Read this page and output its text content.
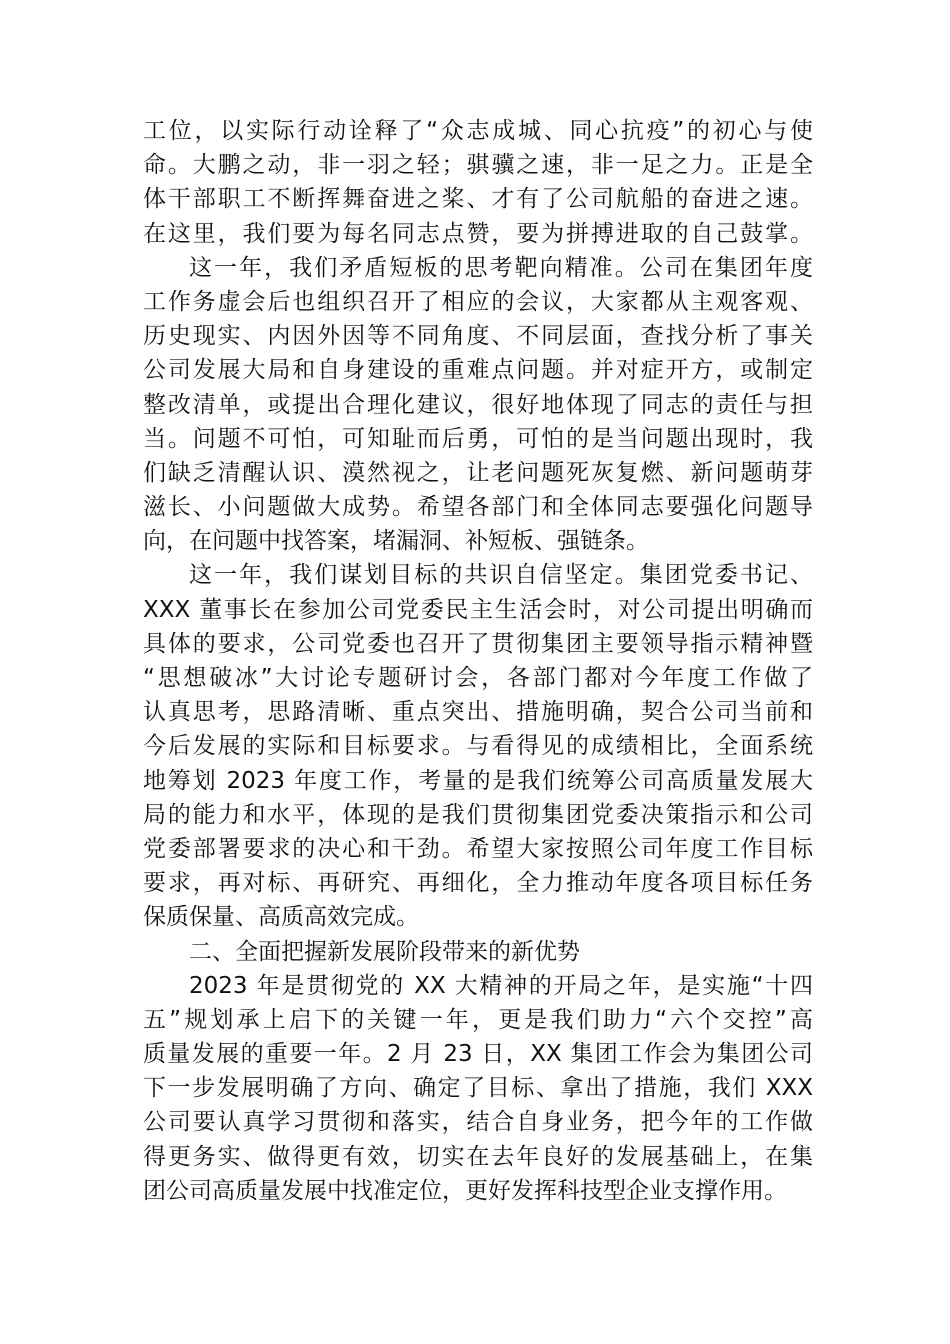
工位，以实际行动诠释了“众志成城、同心抗疫”的初心与使
命。大鹏之动，非一羽之轻；骐骥之速，非一足之力。正是全
体干部职工不断挥舞奋进之桨、才有了公司航船的奋进之速。
在这里，我们要为每名同志点赞，要为拼搏进取的自己鼓掌。
这一年，我们矛盾短板的思考靶向精准。公司在集团年度
工作务虚会后也组织召开了相应的会议，大家都从主观客观、
历史现实、内因外因等不同角度、不同层面，查找分析了事关
公司发展大局和自身建设的重难点问题。并对症开方，或制定
整改清单，或提出合理化建议，很好地体现了同志的责任与担
当。问题不可怕，可知耻而后勇，可怕的是当问题出现时，我
们缺乏清醒认识、漠然视之，让老问题死灰复燃、新问题萌芽
滋长、小问题做大成势。希望各部门和全体同志要强化问题导
向，在问题中找答案，堵漏洞、补短板、强链条。
这一年，我们谋划目标的共识自信坚定。集团党委书记、
XXX 董事长在参加公司党委民主生活会时，对公司提出明确而
具体的要求，公司党委也召开了贯彻集团主要领导指示精神暨
“思想破冰”大讨论专题研讨会，各部门都对今年度工作做了
认真思考，思路清晰、重点突出、措施明确，契合公司当前和
今后发展的实际和目标要求。与看得见的成绩相比，全面系统
地筹划 2023 年度工作，考量的是我们统筹公司高质量发展大
局的能力和水平，体现的是我们贯彻集团党委决策指示和公司
党委部署要求的决心和干劲。希望大家按照公司年度工作目标
要求，再对标、再研究、再细化，全力推动年度各项目标任务
保质保量、高质高效完成。
二、全面把握新发展阶段带来的新优势
2023 年是贯彻党的 XX 大精神的开局之年，是实施“十四
五”规划承上启下的关键一年，更是我们助力“六个交控”高
质量发展的重要一年。2 月 23 日，XX 集团工作会为集团公司
下一步发展明确了方向、确定了目标、拿出了措施，我们 XXX
公司要认真学习贯彻和落实，结合自身业务，把今年的工作做
得更务实、做得更有效，切实在去年良好的发展基础上，在集
团公司高质量发展中找准定位，更好发挥科技型企业支撑作用。
